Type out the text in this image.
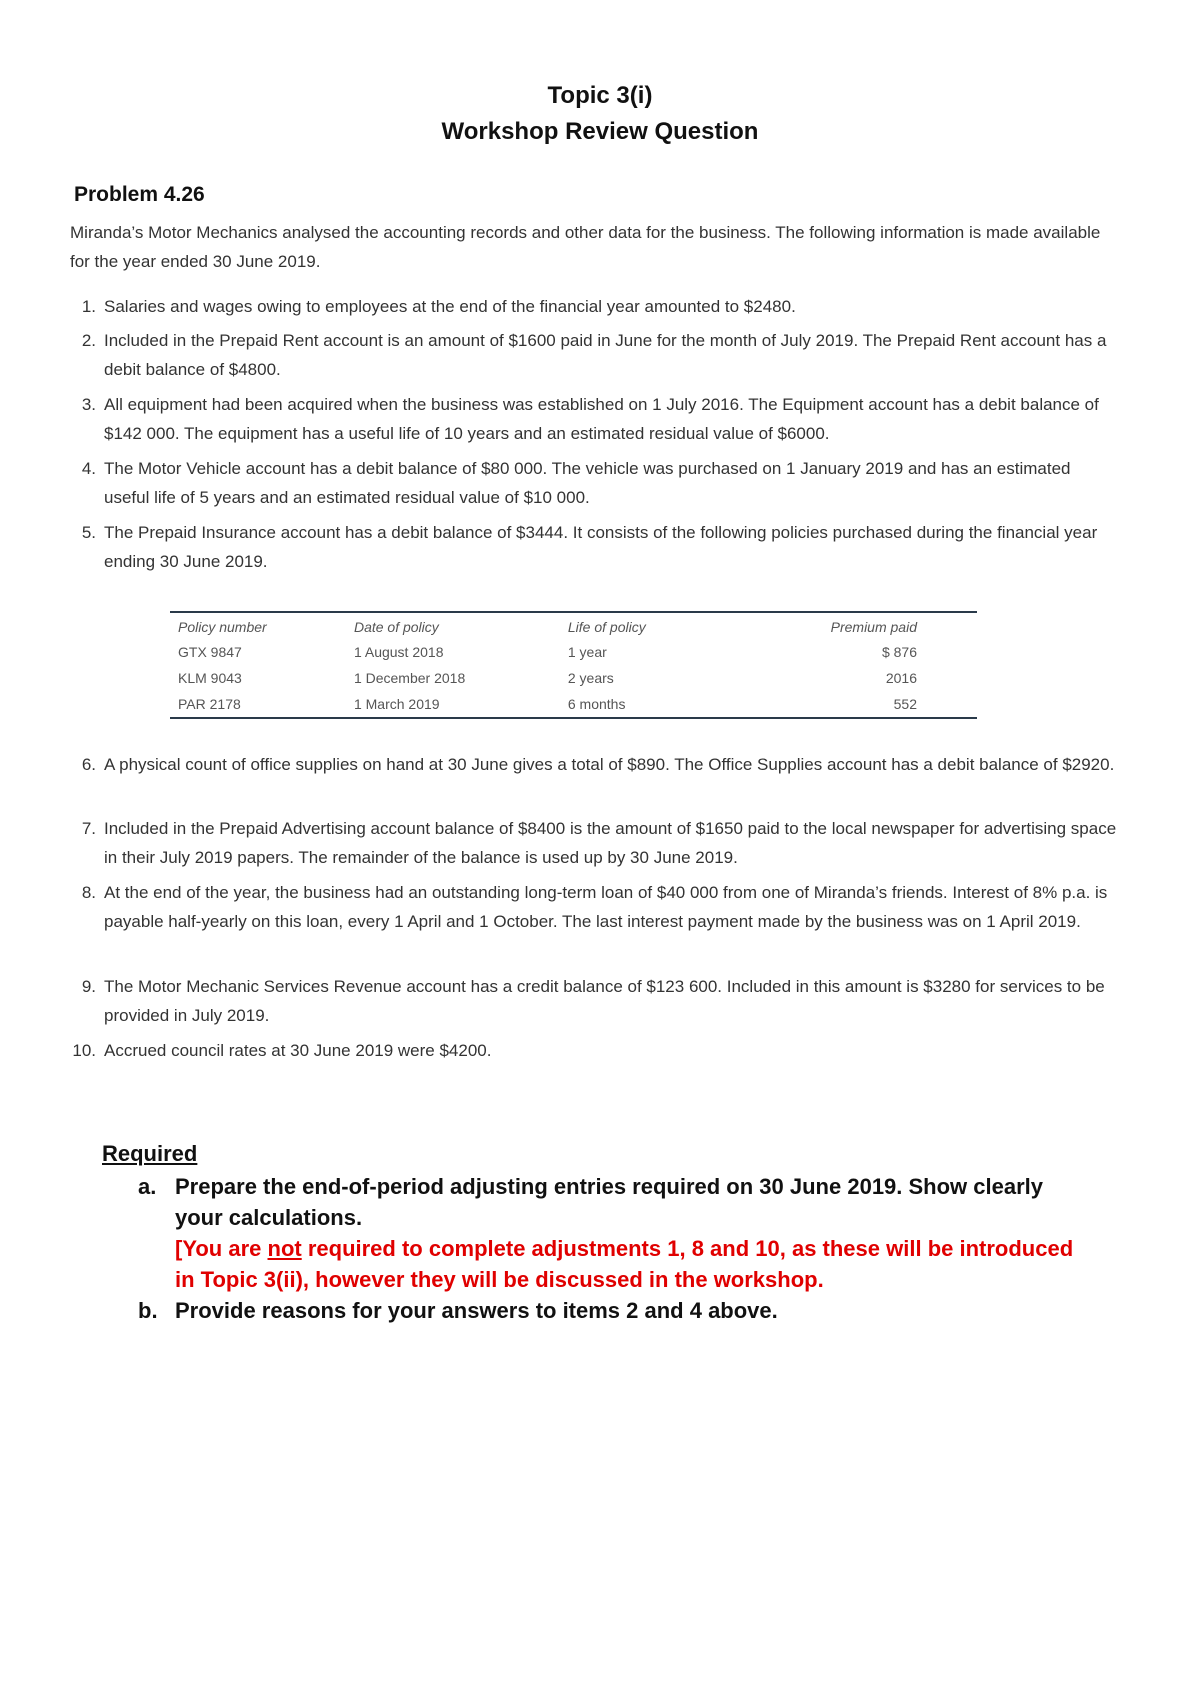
Topic 3(i)
Workshop Review Question
Problem 4.26
Miranda’s Motor Mechanics analysed the accounting records and other data for the business. The following information is made available for the year ended 30 June 2019.
1. Salaries and wages owing to employees at the end of the financial year amounted to $2480.
2. Included in the Prepaid Rent account is an amount of $1600 paid in June for the month of July 2019. The Prepaid Rent account has a debit balance of $4800.
3. All equipment had been acquired when the business was established on 1 July 2016. The Equipment account has a debit balance of $142 000. The equipment has a useful life of 10 years and an estimated residual value of $6000.
4. The Motor Vehicle account has a debit balance of $80 000. The vehicle was purchased on 1 January 2019 and has an estimated useful life of 5 years and an estimated residual value of $10 000.
5. The Prepaid Insurance account has a debit balance of $3444. It consists of the following policies purchased during the financial year ending 30 June 2019.
Policy number	Date of policy	Life of policy	Premium paid
GTX 9847	1 August 2018	1 year	$ 876
KLM 9043	1 December 2018	2 years	2016
PAR 2178	1 March 2019	6 months	552
6. A physical count of office supplies on hand at 30 June gives a total of $890. The Office Supplies account has a debit balance of $2920.
7. Included in the Prepaid Advertising account balance of $8400 is the amount of $1650 paid to the local newspaper for advertising space in their July 2019 papers. The remainder of the balance is used up by 30 June 2019.
8. At the end of the year, the business had an outstanding long-term loan of $40 000 from one of Miranda’s friends. Interest of 8% p.a. is payable half-yearly on this loan, every 1 April and 1 October. The last interest payment made by the business was on 1 April 2019.
9. The Motor Mechanic Services Revenue account has a credit balance of $123 600. Included in this amount is $3280 for services to be provided in July 2019.
10. Accrued council rates at 30 June 2019 were $4200.
Required
a. Prepare the end-of-period adjusting entries required on 30 June 2019. Show clearly your calculations.
[You are not required to complete adjustments 1, 8 and 10, as these will be introduced in Topic 3(ii), however they will be discussed in the workshop.
b. Provide reasons for your answers to items 2 and 4 above.
